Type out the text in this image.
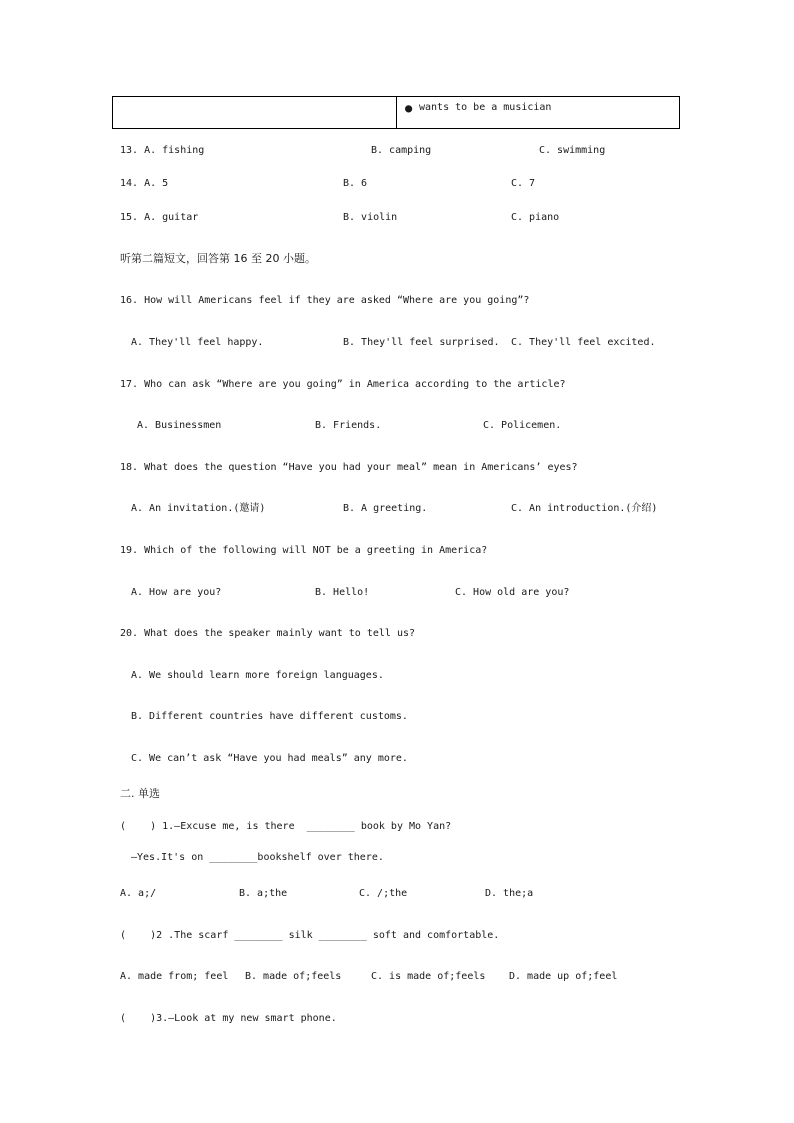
● wants to be a musician
13. A. fishing	B. camping	C. swimming
14. A. 5	B. 6	C. 7
15. A. guitar	B. violin	C. piano
听第二篇短文，回答第 16 至 20 小题。
16. How will Americans feel if they are asked “Where are you going”?
A. They'll feel happy.	B. They'll feel surprised. C. They'll feel excited.
17. Who can ask “Where are you going” in America according to the article?
A. Businessmen	B. Friends.	C. Policemen.
18. What does the question “Have you had your meal” mean in Americans’ eyes?
A. An invitation.(邀请)	B. A greeting.	C. An introduction.(介绍)
19. Which of the following will NOT be a greeting in America?
A. How are you?	B. Hello!	C. How old are you?
20. What does the speaker mainly want to tell us?
A. We should learn more foreign languages.
B. Different countries have different customs.
C. We can’t ask “Have you had meals” any more.
二. 单选
(    ) 1.—Excuse me, is there  ________ book by Mo Yan?
—Yes.It's on ________bookshelf over there.
A. a;/	B. a;the	C. /;the	D. the;a
(    )2 .The scarf ________ silk ________ soft and comfortable.
A. made from; feel B. made of;feels	C. is made of;feels D. made up of;feel
(    )3.—Look at my new smart phone.
